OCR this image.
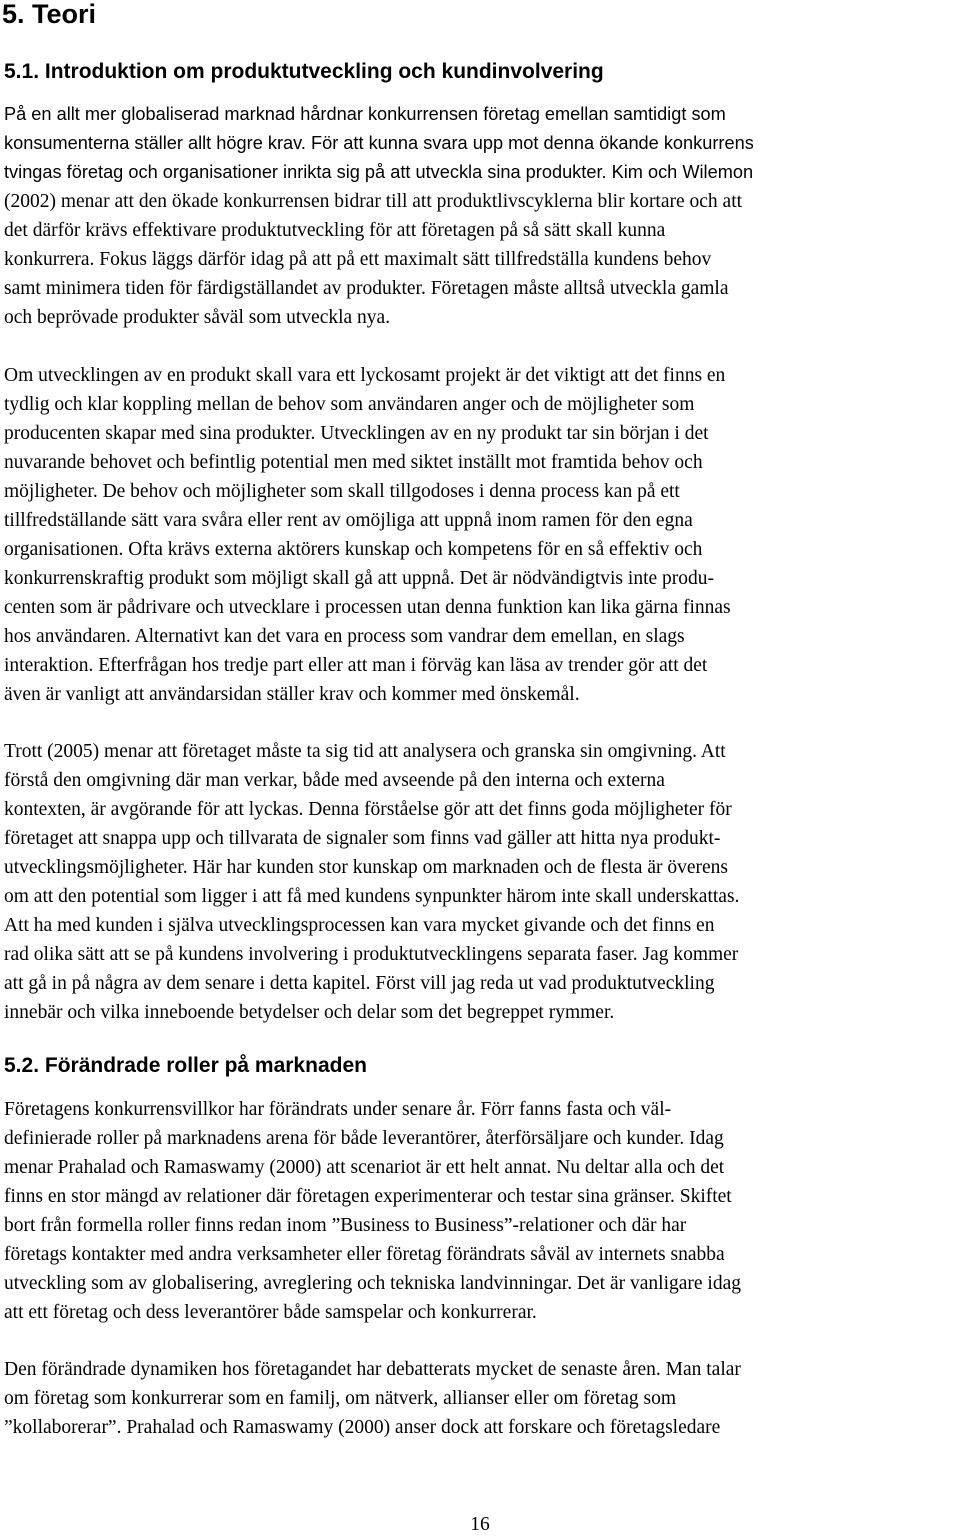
5. Teori
5.1. Introduktion om produktutveckling och kundinvolvering

På en allt mer globaliserad marknad hårdnar konkurrensen företag emellan samtidigt som
konsumenterna ställer allt högre krav. För att kunna svara upp mot denna ökande konkurrens
tvingas företag och organisationer inrikta sig på att utveckla sina produkter. Kim och Wilemon
(2002) menar att den ökade konkurrensen bidrar till att produktlivscyklerna blir kortare och att
det därför krävs effektivare produktutveckling för att företagen på så sätt skall kunna
konkurrera. Fokus läggs därför idag på att på ett maximalt sätt tillfredställa kundens behov
samt minimera tiden för färdigställandet av produkter. Företagen måste alltså utveckla gamla
och beprövade produkter såväl som utveckla nya.

Om utvecklingen av en produkt skall vara ett lyckosamt projekt är det viktigt att det finns en
tydlig och klar koppling mellan de behov som användaren anger och de möjligheter som
producenten skapar med sina produkter. Utvecklingen av en ny produkt tar sin början i det
nuvarande behovet och befintlig potential men med siktet inställt mot framtida behov och
möjligheter. De behov och möjligheter som skall tillgodoses i denna process kan på ett
tillfredställande sätt vara svåra eller rent av omöjliga att uppnå inom ramen för den egna
organisationen. Ofta krävs externa aktörers kunskap och kompetens för en så effektiv och
konkurrenskraftig produkt som möjligt skall gå att uppnå. Det är nödvändigtvis inte produ-
centen som är pådrivare och utvecklare i processen utan denna funktion kan lika gärna finnas
hos användaren. Alternativt kan det vara en process som vandrar dem emellan, en slags
interaktion. Efterfrågan hos tredje part eller att man i förväg kan läsa av trender gör att det
även är vanligt att användarsidan ställer krav och kommer med önskemål.

Trott (2005) menar att företaget måste ta sig tid att analysera och granska sin omgivning. Att
förstå den omgivning där man verkar, både med avseende på den interna och externa
kontexten, är avgörande för att lyckas. Denna förståelse gör att det finns goda möjligheter för
företaget att snappa upp och tillvarata de signaler som finns vad gäller att hitta nya produkt-
utvecklingsmöjligheter. Här har kunden stor kunskap om marknaden och de flesta är överens
om att den potential som ligger i att få med kundens synpunkter härom inte skall underskattas.
Att ha med kunden i själva utvecklingsprocessen kan vara mycket givande och det finns en
rad olika sätt att se på kundens involvering i produktutvecklingens separata faser. Jag kommer
att gå in på några av dem senare i detta kapitel. Först vill jag reda ut vad produktutveckling
innebär och vilka inneboende betydelser och delar som det begreppet rymmer.

5.2. Förändrade roller på marknaden

Företagens konkurrensvillkor har förändrats under senare år. Förr fanns fasta och väl-
definierade roller på marknadens arena för både leverantörer, återförsäljare och kunder. Idag
menar Prahalad och Ramaswamy (2000) att scenariot är ett helt annat. Nu deltar alla och det
finns en stor mängd av relationer där företagen experimenterar och testar sina gränser. Skiftet
bort från formella roller finns redan inom ”Business to Business”-relationer och där har
företags kontakter med andra verksamheter eller företag förändrats såväl av internets snabba
utveckling som av globalisering, avreglering och tekniska landvinningar. Det är vanligare idag
att ett företag och dess leverantörer både samspelar och konkurrerar.

Den förändrade dynamiken hos företagandet har debatterats mycket de senaste åren. Man talar
om företag som konkurrerar som en familj, om nätverk, allianser eller om företag som
”kollaborerar”. Prahalad och Ramaswamy (2000) anser dock att forskare och företagsledare

16
